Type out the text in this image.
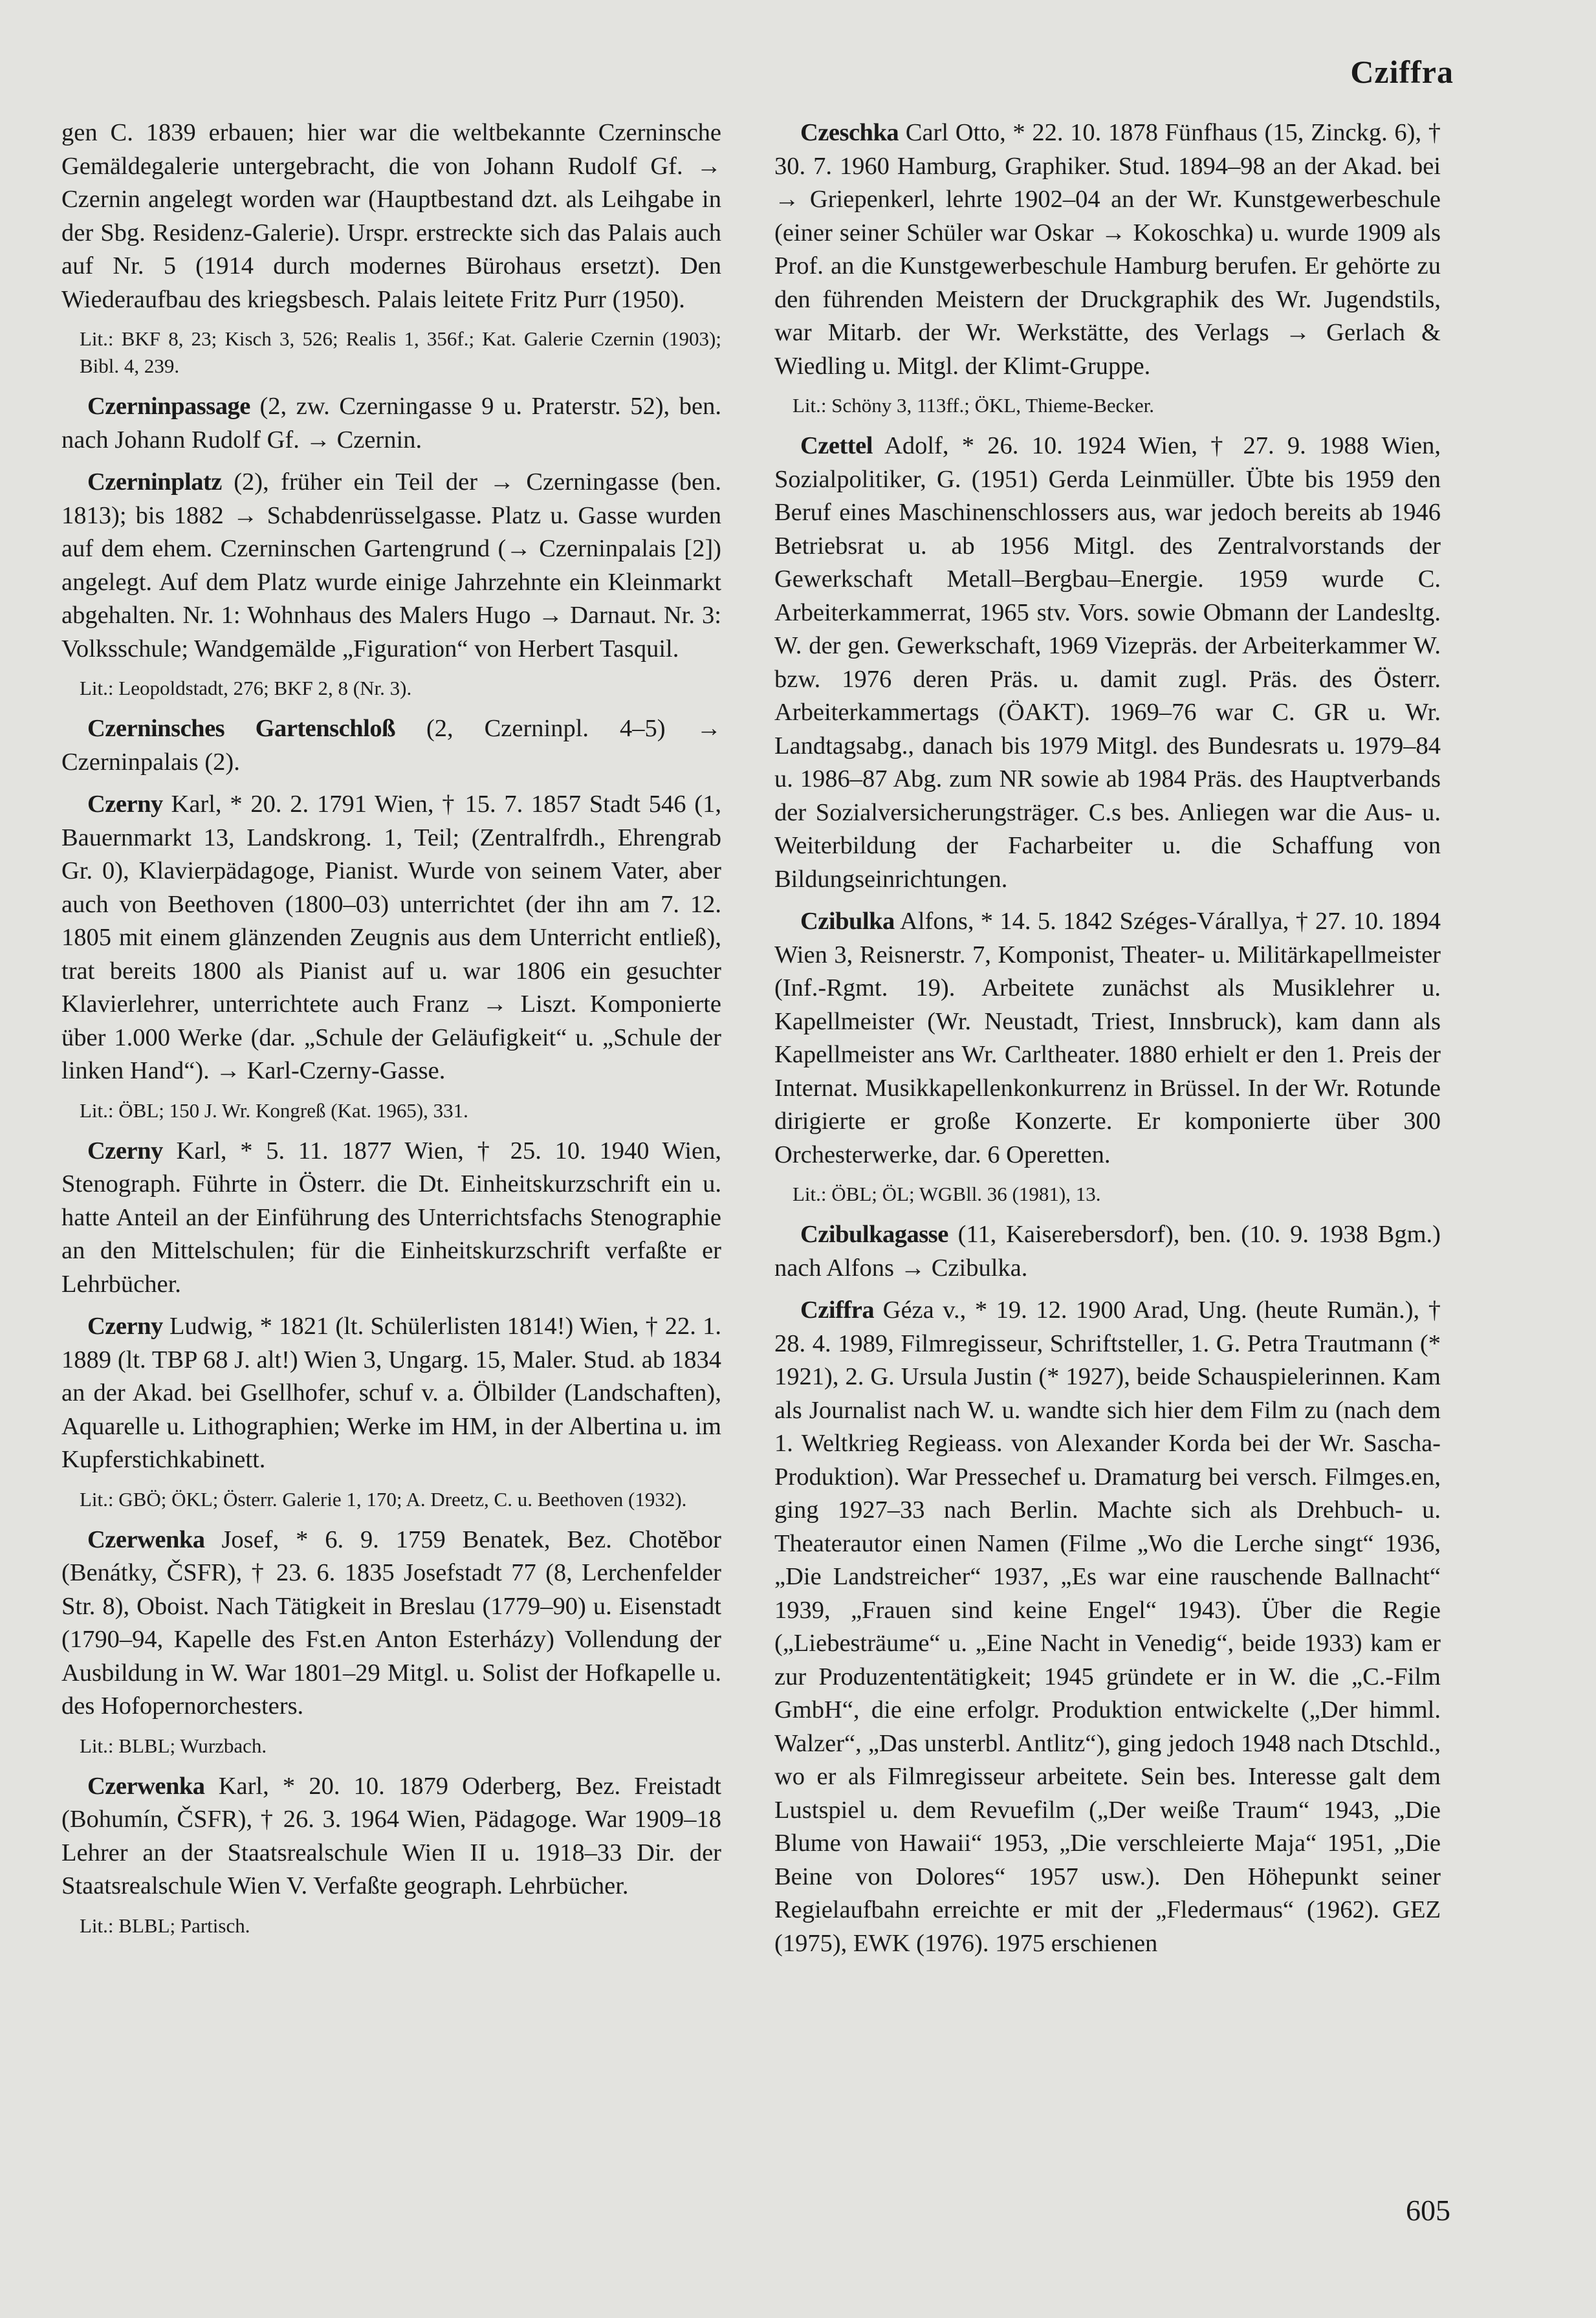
Cziffra

gen C. 1839 erbauen; hier war die weltbekannte Czerninsche Gemäldegalerie untergebracht, die von Johann Rudolf Gf. → Czernin angelegt worden war (Hauptbestand dzt. als Leihgabe in der Sbg. Residenz-Galerie). Urspr. erstreckte sich das Palais auch auf Nr. 5 (1914 durch modernes Bürohaus ersetzt). Den Wiederaufbau des kriegsbesch. Palais leitete Fritz Purr (1950).

Lit.: BKF 8, 23; Kisch 3, 526; Realis 1, 356f.; Kat. Galerie Czernin (1903); Bibl. 4, 239.

Czerninpassage (2, zw. Czerningasse 9 u. Praterstr. 52), ben. nach Johann Rudolf Gf. → Czernin.

Czerninplatz (2), früher ein Teil der → Czerningasse (ben. 1813); bis 1882 → Schabdenrüsselgasse. Platz u. Gasse wurden auf dem ehem. Czerninschen Gartengrund (→ Czerninpalais [2]) angelegt. Auf dem Platz wurde einige Jahrzehnte ein Kleinmarkt abgehalten. Nr. 1: Wohnhaus des Malers Hugo → Darnaut. Nr. 3: Volksschule; Wandgemälde „Figuration“ von Herbert Tasquil.

Lit.: Leopoldstadt, 276; BKF 2, 8 (Nr. 3).

Czerninsches Gartenschloß (2, Czerninpl. 4–5) → Czerninpalais (2).

Czerny Karl, * 20. 2. 1791 Wien, † 15. 7. 1857 Stadt 546 (1, Bauernmarkt 13, Landskrong. 1, Teil; (Zentralfrdh., Ehrengrab Gr. 0), Klavierpädagoge, Pianist. Wurde von seinem Vater, aber auch von Beethoven (1800–03) unterrichtet (der ihn am 7. 12. 1805 mit einem glänzenden Zeugnis aus dem Unterricht entließ), trat bereits 1800 als Pianist auf u. war 1806 ein gesuchter Klavierlehrer, unterrichtete auch Franz → Liszt. Komponierte über 1.000 Werke (dar. „Schule der Geläufigkeit“ u. „Schule der linken Hand“). → Karl-Czerny-Gasse.

Lit.: ÖBL; 150 J. Wr. Kongreß (Kat. 1965), 331.

Czerny Karl, * 5. 11. 1877 Wien, † 25. 10. 1940 Wien, Stenograph. Führte in Österr. die Dt. Einheitskurzschrift ein u. hatte Anteil an der Einführung des Unterrichtsfachs Stenographie an den Mittelschulen; für die Einheitskurzschrift verfaßte er Lehrbücher.

Czerny Ludwig, * 1821 (lt. Schülerlisten 1814!) Wien, † 22. 1. 1889 (lt. TBP 68 J. alt!) Wien 3, Ungarg. 15, Maler. Stud. ab 1834 an der Akad. bei Gsellhofer, schuf v. a. Ölbilder (Landschaften), Aquarelle u. Lithographien; Werke im HM, in der Albertina u. im Kupferstichkabinett.

Lit.: GBÖ; ÖKL; Österr. Galerie 1, 170; A. Dreetz, C. u. Beethoven (1932).

Czerwenka Josef, * 6. 9. 1759 Benatek, Bez. Chotĕbor (Benátky, ČSFR), † 23. 6. 1835 Josefstadt 77 (8, Lerchenfelder Str. 8), Oboist. Nach Tätigkeit in Breslau (1779–90) u. Eisenstadt (1790–94, Kapelle des Fst.en Anton Esterházy) Vollendung der Ausbildung in W. War 1801–29 Mitgl. u. Solist der Hofkapelle u. des Hofopernorchesters.

Lit.: BLBL; Wurzbach.

Czerwenka Karl, * 20. 10. 1879 Oderberg, Bez. Freistadt (Bohumín, ČSFR), † 26. 3. 1964 Wien, Pädagoge. War 1909–18 Lehrer an der Staatsrealschule Wien II u. 1918–33 Dir. der Staatsrealschule Wien V. Verfaßte geograph. Lehrbücher.

Lit.: BLBL; Partisch.

Czeschka Carl Otto, * 22. 10. 1878 Fünfhaus (15, Zinckg. 6), † 30. 7. 1960 Hamburg, Graphiker. Stud. 1894–98 an der Akad. bei → Griepenkerl, lehrte 1902–04 an der Wr. Kunstgewerbeschule (einer seiner Schüler war Oskar → Kokoschka) u. wurde 1909 als Prof. an die Kunstgewerbeschule Hamburg berufen. Er gehörte zu den führenden Meistern der Druckgraphik des Wr. Jugendstils, war Mitarb. der Wr. Werkstätte, des Verlags → Gerlach & Wiedling u. Mitgl. der Klimt-Gruppe.

Lit.: Schöny 3, 113ff.; ÖKL, Thieme-Becker.

Czettel Adolf, * 26. 10. 1924 Wien, † 27. 9. 1988 Wien, Sozialpolitiker, G. (1951) Gerda Leinmüller. Übte bis 1959 den Beruf eines Maschinenschlossers aus, war jedoch bereits ab 1946 Betriebsrat u. ab 1956 Mitgl. des Zentralvorstands der Gewerkschaft Metall–Bergbau–Energie. 1959 wurde C. Arbeiterkammerrat, 1965 stv. Vors. sowie Obmann der Landesltg. W. der gen. Gewerkschaft, 1969 Vizepräs. der Arbeiterkammer W. bzw. 1976 deren Präs. u. damit zugl. Präs. des Österr. Arbeiterkammertags (ÖAKT). 1969–76 war C. GR u. Wr. Landtagsabg., danach bis 1979 Mitgl. des Bundesrats u. 1979–84 u. 1986–87 Abg. zum NR sowie ab 1984 Präs. des Hauptverbands der Sozialversicherungsträger. C.s bes. Anliegen war die Aus- u. Weiterbildung der Facharbeiter u. die Schaffung von Bildungseinrichtungen.

Czibulka Alfons, * 14. 5. 1842 Széges-Várallya, † 27. 10. 1894 Wien 3, Reisnerstr. 7, Komponist, Theater- u. Militärkapellmeister (Inf.-Rgmt. 19). Arbeitete zunächst als Musiklehrer u. Kapellmeister (Wr. Neustadt, Triest, Innsbruck), kam dann als Kapellmeister ans Wr. Carltheater. 1880 erhielt er den 1. Preis der Internat. Musikkapellenkonkurrenz in Brüssel. In der Wr. Rotunde dirigierte er große Konzerte. Er komponierte über 300 Orchesterwerke, dar. 6 Operetten.

Lit.: ÖBL; ÖL; WGBll. 36 (1981), 13.

Czibulkagasse (11, Kaiserebersdorf), ben. (10. 9. 1938 Bgm.) nach Alfons → Czibulka.

Cziffra Géza v., * 19. 12. 1900 Arad, Ung. (heute Rumän.), † 28. 4. 1989, Filmregisseur, Schriftsteller, 1. G. Petra Trautmann (* 1921), 2. G. Ursula Justin (* 1927), beide Schauspielerinnen. Kam als Journalist nach W. u. wandte sich hier dem Film zu (nach dem 1. Weltkrieg Regieass. von Alexander Korda bei der Wr. Sascha-Produktion). War Pressechef u. Dramaturg bei versch. Filmges.en, ging 1927–33 nach Berlin. Machte sich als Drehbuch- u. Theaterautor einen Namen (Filme „Wo die Lerche singt“ 1936, „Die Landstreicher“ 1937, „Es war eine rauschende Ballnacht“ 1939, „Frauen sind keine Engel“ 1943). Über die Regie („Liebesträume“ u. „Eine Nacht in Venedig“, beide 1933) kam er zur Produzententätigkeit; 1945 gründete er in W. die „C.-Film GmbH“, die eine erfolgr. Produktion entwickelte („Der himml. Walzer“, „Das unsterbl. Antlitz“), ging jedoch 1948 nach Dtschld., wo er als Filmregisseur arbeitete. Sein bes. Interesse galt dem Lustspiel u. dem Revuefilm („Der weiße Traum“ 1943, „Die Blume von Hawaii“ 1953, „Die verschleierte Maja“ 1951, „Die Beine von Dolores“ 1957 usw.). Den Höhepunkt seiner Regielaufbahn erreichte er mit der „Fledermaus“ (1962). GEZ (1975), EWK (1976). 1975 erschienen

605
